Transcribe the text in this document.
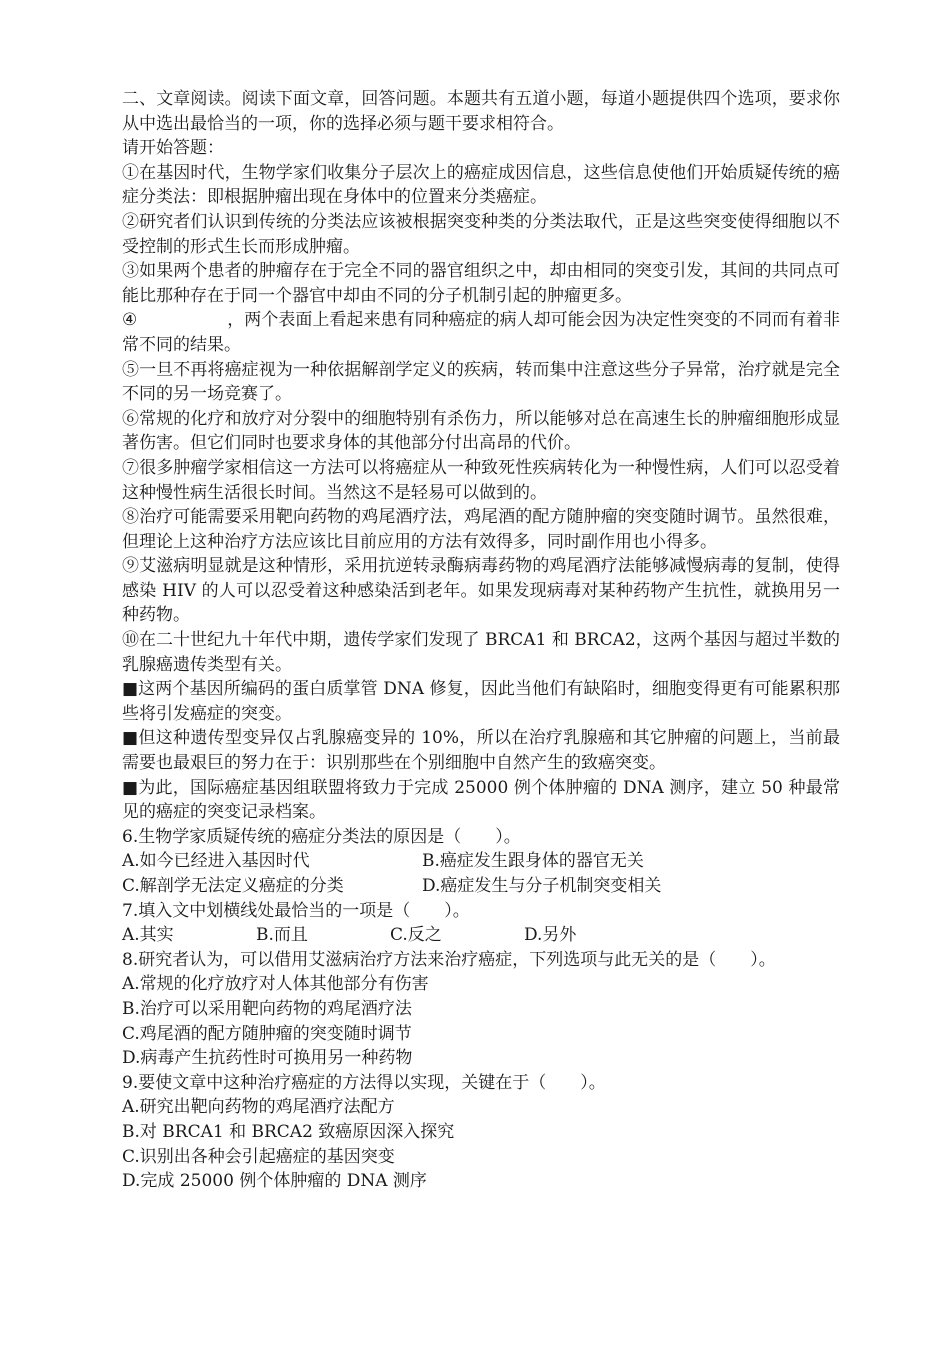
二、文章阅读。阅读下面文章，回答问题。本题共有五道小题，每道小题提供四个选项，要求你从中选出最恰当的一项，你的选择必须与题干要求相符合。

请开始答题：

①在基因时代，生物学家们收集分子层次上的癌症成因信息，这些信息使他们开始质疑传统的癌症分类法：即根据肿瘤出现在身体中的位置来分类癌症。

②研究者们认识到传统的分类法应该被根据突变种类的分类法取代，正是这些突变使得细胞以不受控制的形式生长而形成肿瘤。

③如果两个患者的肿瘤存在于完全不同的器官组织之中，却由相同的突变引发，其间的共同点可能比那种存在于同一个器官中却由不同的分子机制引起的肿瘤更多。

④	，两个表面上看起来患有同种癌症的病人却可能会因为决定性突变的不同而有着非常不同的结果。

⑤一旦不再将癌症视为一种依据解剖学定义的疾病，转而集中注意这些分子异常，治疗就是完全不同的另一场竞赛了。

⑥常规的化疗和放疗对分裂中的细胞特别有杀伤力，所以能够对总在高速生长的肿瘤细胞形成显著伤害。但它们同时也要求身体的其他部分付出高昂的代价。

⑦很多肿瘤学家相信这一方法可以将癌症从一种致死性疾病转化为一种慢性病，人们可以忍受着这种慢性病生活很长时间。当然这不是轻易可以做到的。

⑧治疗可能需要采用靶向药物的鸡尾酒疗法，鸡尾酒的配方随肿瘤的突变随时调节。虽然很难，但理论上这种治疗方法应该比目前应用的方法有效得多，同时副作用也小得多。

⑨艾滋病明显就是这种情形，采用抗逆转录酶病毒药物的鸡尾酒疗法能够减慢病毒的复制，使得感染 HIV 的人可以忍受着这种感染活到老年。如果发现病毒对某种药物产生抗性，就换用另一种药物。

⑩在二十世纪九十年代中期，遗传学家们发现了 BRCA1 和 BRCA2，这两个基因与超过半数的乳腺癌遗传类型有关。

■这两个基因所编码的蛋白质掌管 DNA 修复，因此当他们有缺陷时，细胞变得更有可能累积那些将引发癌症的突变。

■但这种遗传型变异仅占乳腺癌变异的 10%，所以在治疗乳腺癌和其它肿瘤的问题上，当前最需要也最艰巨的努力在于：识别那些在个别细胞中自然产生的致癌突变。

■为此，国际癌症基因组联盟将致力于完成 25000 例个体肿瘤的 DNA 测序，建立 50 种最常见的癌症的突变记录档案。

6.生物学家质疑传统的癌症分类法的原因是（　　）。

A.如今已经进入基因时代	B.癌症发生跟身体的器官无关
C.解剖学无法定义癌症的分类	D.癌症发生与分子机制突变相关

7.填入文中划横线处最恰当的一项是（　　）。

A.其实	B.而且	C.反之	D.另外

8.研究者认为，可以借用艾滋病治疗方法来治疗癌症，下列选项与此无关的是（　　）。

A.常规的化疗放疗对人体其他部分有伤害

B.治疗可以采用靶向药物的鸡尾酒疗法

C.鸡尾酒的配方随肿瘤的突变随时调节

D.病毒产生抗药性时可换用另一种药物

9.要使文章中这种治疗癌症的方法得以实现，关键在于（　　）。

A.研究出靶向药物的鸡尾酒疗法配方

B.对 BRCA1 和 BRCA2 致癌原因深入探究

C.识别出各种会引起癌症的基因突变

D.完成 25000 例个体肿瘤的 DNA 测序
